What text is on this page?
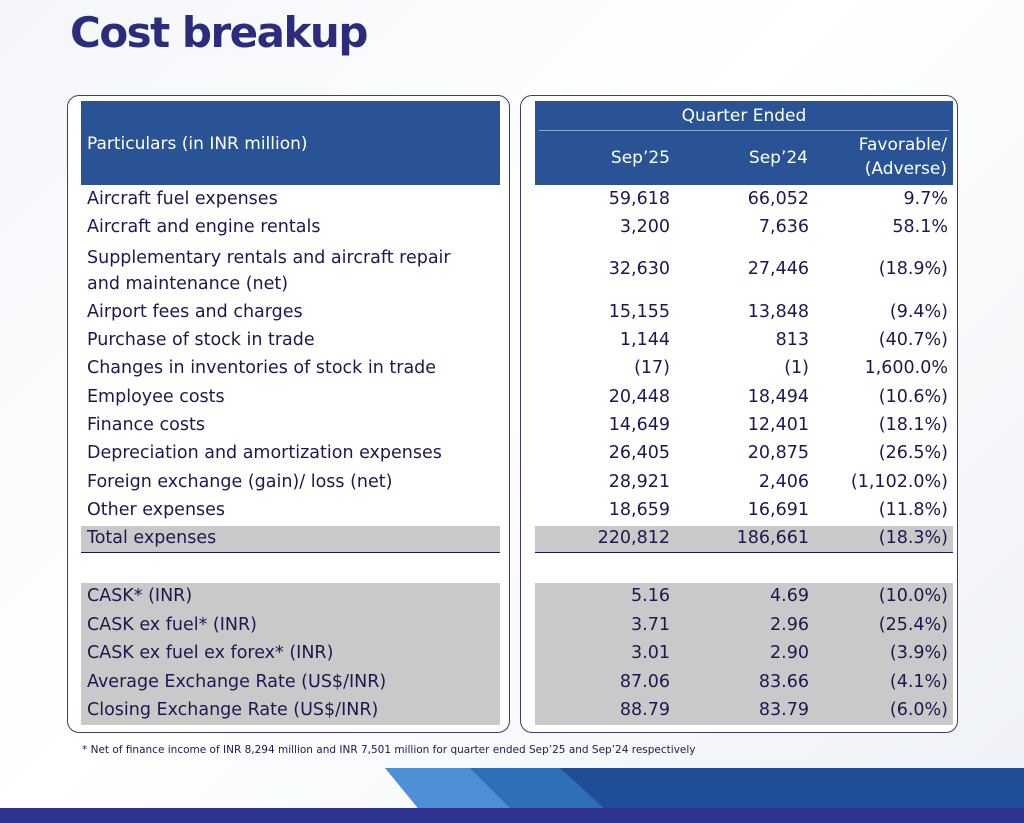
Cost breakup
Particulars (in INR million)
Quarter Ended
Sep’25	Sep’24
Favorable/
(Adverse)
Aircraft fuel expenses	59,618	66,052	9.7%
Aircraft and engine rentals	3,200	7,636	58.1%
Supplementary rentals and aircraft repair
and maintenance (net)
32,630	27,446	(18.9%)
Airport fees and charges	15,155	13,848	(9.4%)
Purchase of stock in trade	1,144	813	(40.7%)
Changes in inventories of stock in trade	(17)	(1)	1,600.0%
Employee costs	20,448	18,494	(10.6%)
Finance costs	14,649	12,401	(18.1%)
Depreciation and amortization expenses	26,405	20,875	(26.5%)
Foreign exchange (gain)/ loss (net)	28,921	2,406 (1,102.0%)
Other expenses	18,659	16,691	(11.8%)
Total expenses	220,812	186,661	(18.3%)
CASK* (INR)	5.16	4.69	(10.0%)
CASK ex fuel* (INR)	3.71	2.96	(25.4%)
CASK ex fuel ex forex* (INR)	3.01	2.90	(3.9%)
Average Exchange Rate (US$/INR)	87.06	83.66	(4.1%)
Closing Exchange Rate (US$/INR)	88.79	83.79	(6.0%)
* Net of finance income of INR 8,294 million and INR 7,501 million for quarter ended Sep’25 and Sep’24 respectively
